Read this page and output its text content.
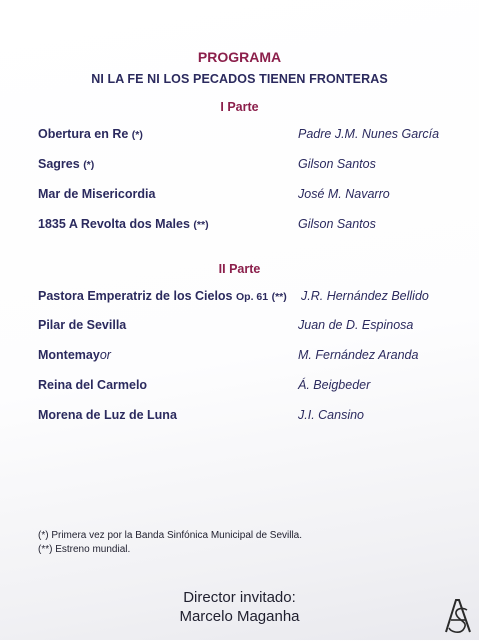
PROGRAMA
NI LA FE NI LOS PECADOS TIENEN FRONTERAS
I Parte
Obertura en Re (*)	Padre J.M. Nunes García
Sagres (*)	Gilson Santos
Mar de Misericordia	José M. Navarro
1835 A Revolta dos Males (**)	Gilson Santos
II Parte
Pastora Emperatriz de los Cielos Op. 61 (**) J.R. Hernández Bellido
Pilar de Sevilla	Juan de D. Espinosa
Montemayor	M. Fernández Aranda
Reina del Carmelo	Á. Beigbeder
Morena de Luz de Luna	J.I. Cansino
(*) Primera vez por la Banda Sinfónica Municipal de Sevilla.
(**) Estreno mundial.
Director invitado:
Marcelo Maganha
